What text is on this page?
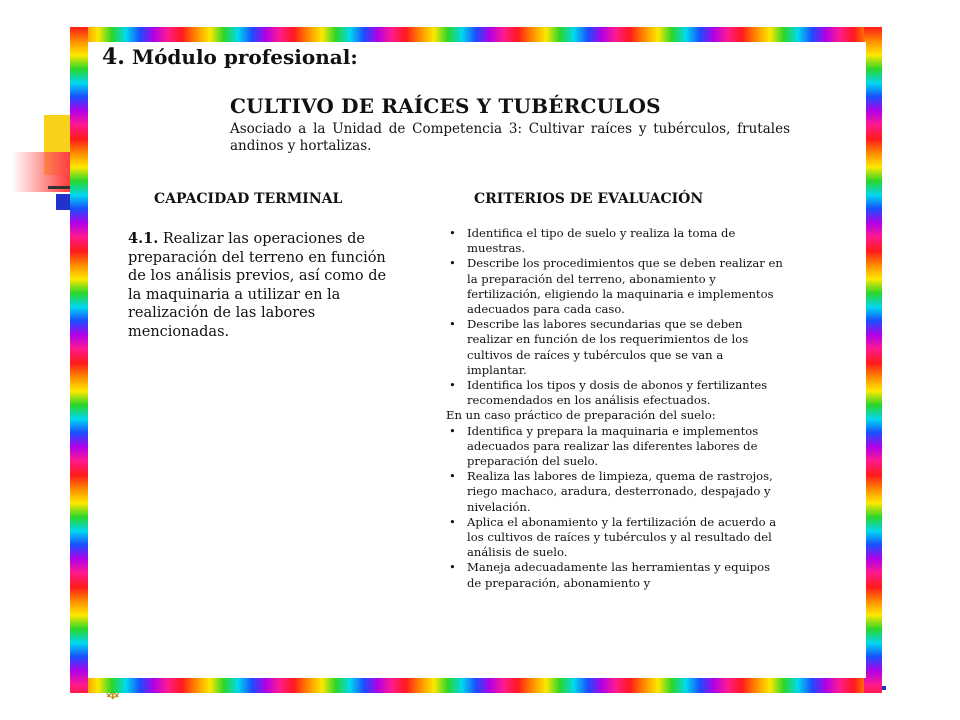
4. Módulo profesional:
CULTIVO DE RAÍCES Y TUBÉRCULOS
Asociado a la Unidad de Competencia 3: Cultivar raíces y tubérculos, frutales andinos y hortalizas.
CAPACIDAD TERMINAL	CRITERIOS DE EVALUACIÓN
4.1. Realizar las operaciones de preparación del terreno en función de los análisis previos, así como de la maquinaria a utilizar en la realización de las labores mencionadas.
• Identifica el tipo de suelo y realiza la toma de muestras.
• Describe los procedimientos que se deben realizar en la preparación del terreno, abonamiento y fertilización, eligiendo la maquinaria e implementos adecuados para cada caso.
• Describe las labores secundarias que se deben realizar en función de los requerimientos de los cultivos de raíces y tubérculos que se van a implantar.
• Identifica los tipos y dosis de abonos y fertilizantes recomendados en los análisis efectuados.
En un caso práctico de preparación del suelo:
• Identifica y prepara la maquinaria e implementos adecuados para realizar las diferentes labores de preparación del suelo.
• Realiza las labores de limpieza, quema de rastrojos, riego machaco, aradura, desterronado, despajado y nivelación.
• Aplica el abonamiento y la fertilización de acuerdo a los cultivos de raíces y tubérculos y al resultado del análisis de suelo.
• Maneja adecuadamente las herramientas y equipos de preparación, abonamiento y
